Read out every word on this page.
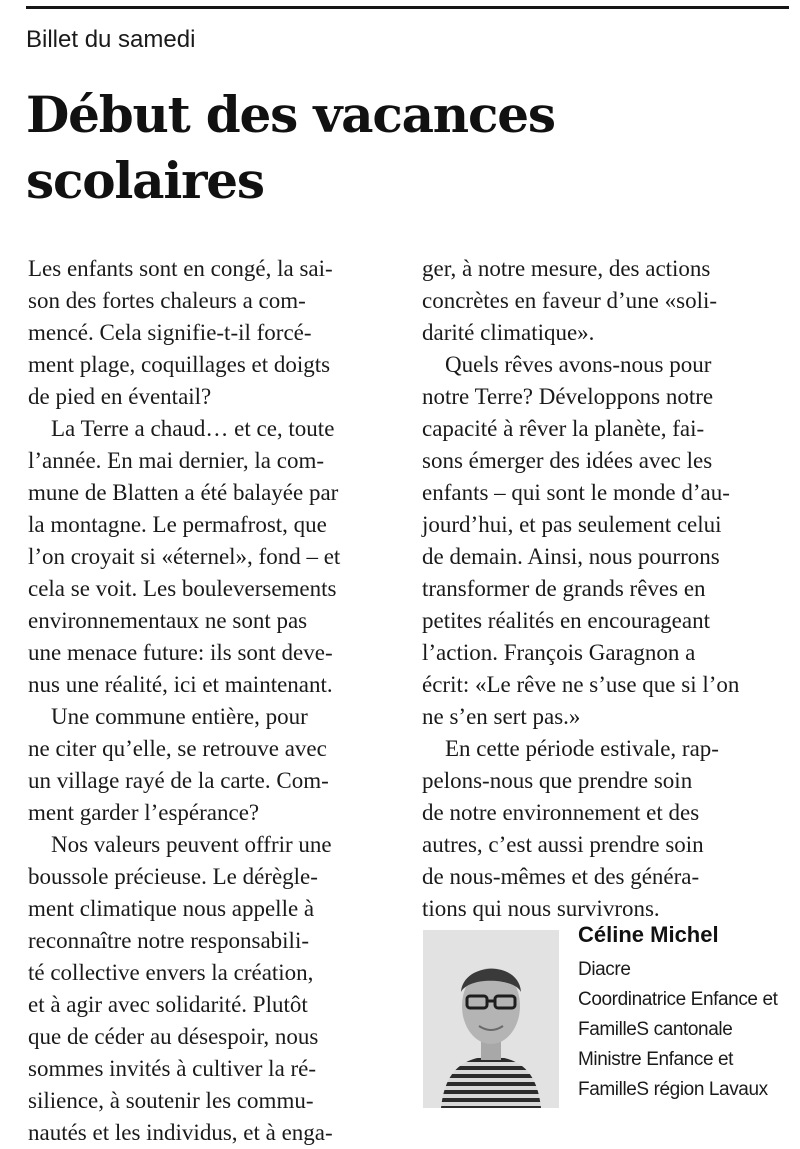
Billet du samedi
Début des vacances
scolaires
Les enfants sont en congé, la sai-
son des fortes chaleurs a com-
mencé. Cela signifie-t-il forcé-
ment plage, coquillages et doigts
de pied en éventail?
La Terre a chaud… et ce, toute
l’année. En mai dernier, la com-
mune de Blatten a été balayée par
la montagne. Le permafrost, que
l’on croyait si «éternel», fond – et
cela se voit. Les bouleversements
environnementaux ne sont pas
une menace future: ils sont deve-
nus une réalité, ici et maintenant.
Une commune entière, pour
ne citer qu’elle, se retrouve avec
un village rayé de la carte. Com-
ment garder l’espérance?
Nos valeurs peuvent offrir une
boussole précieuse. Le dérègle-
ment climatique nous appelle à
reconnaître notre responsabili-
té collective envers la création,
et à agir avec solidarité. Plutôt
que de céder au désespoir, nous
sommes invités à cultiver la ré-
silience, à soutenir les commu-
nautés et les individus, et à enga-
ger, à notre mesure, des actions
concrètes en faveur d’une «soli-
darité climatique».
Quels rêves avons-nous pour
notre Terre? Développons notre
capacité à rêver la planète, fai-
sons émerger des idées avec les
enfants – qui sont le monde d’au-
jourd’hui, et pas seulement celui
de demain. Ainsi, nous pourrons
transformer de grands rêves en
petites réalités en encourageant
l’action. François Garagnon a
écrit: «Le rêve ne s’use que si l’on
ne s’en sert pas.»
En cette période estivale, rap-
pelons-nous que prendre soin
de notre environnement et des
autres, c’est aussi prendre soin
de nous-mêmes et des généra-
tions qui nous survivrons.
Céline Michel
Diacre
Coordinatrice Enfance et
FamilleS cantonale
Ministre Enfance et
FamilleS région Lavaux
